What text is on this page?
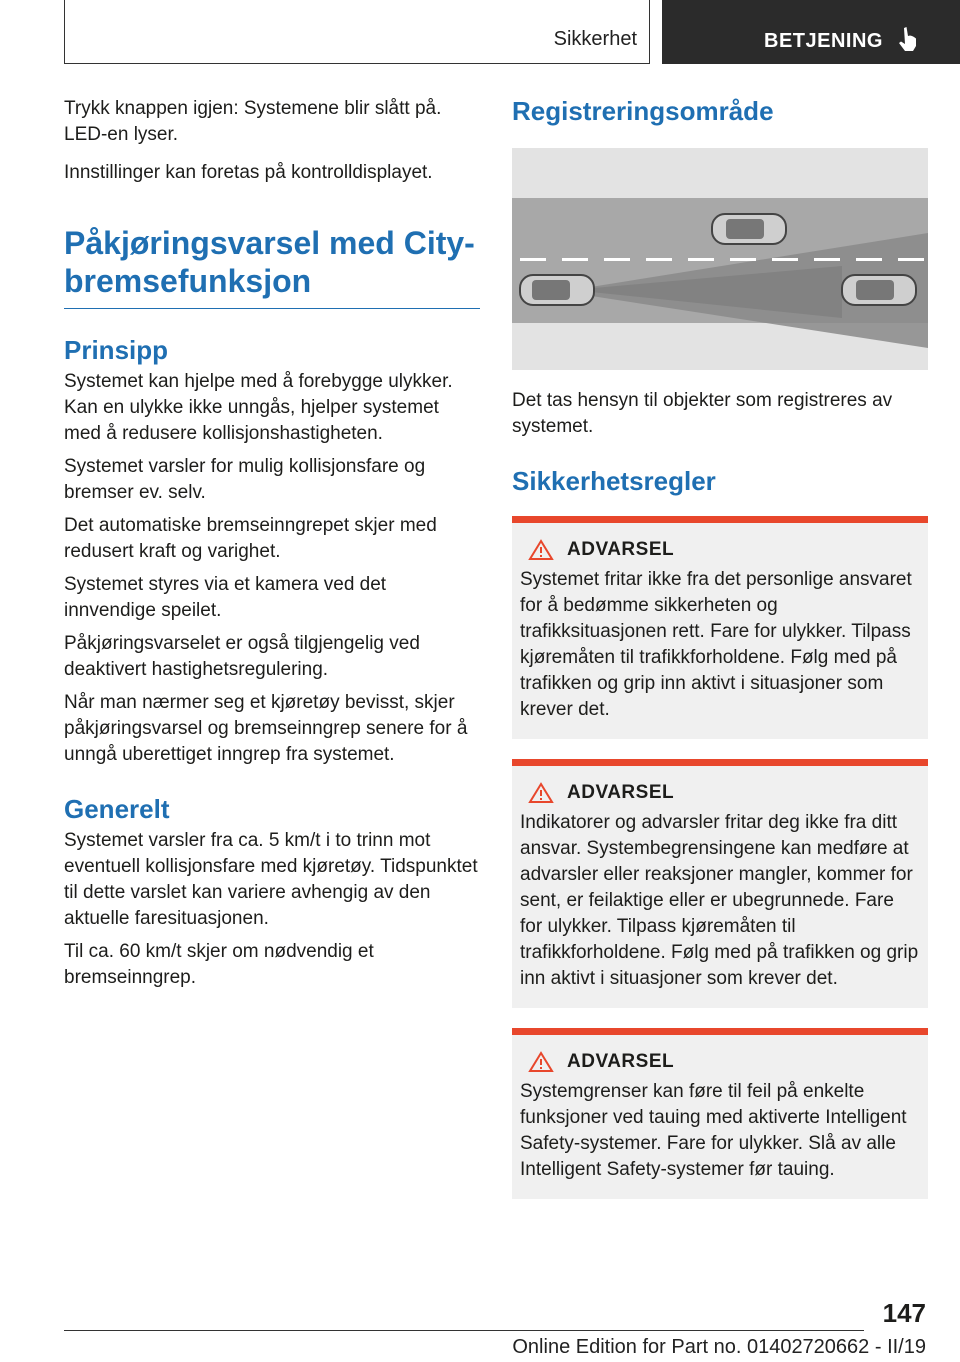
Sikkerhet	BETJENING

Trykk knappen igjen: Systemene blir slått på. LED-en lyser.

Innstillinger kan foretas på kontrolldisplayet.

Påkjøringsvarsel med City-bremsefunksjon
Prinsipp

Systemet kan hjelpe med å forebygge ulykker. Kan en ulykke ikke unngås, hjelper systemet med å redusere kollisjonshastigheten.

Systemet varsler for mulig kollisjonsfare og bremser ev. selv.

Det automatiske bremseinngrepet skjer med redusert kraft og varighet.

Systemet styres via et kamera ved det innvendige speilet.

Påkjøringsvarselet er også tilgjengelig ved deaktivert hastighetsregulering.

Når man nærmer seg et kjøretøy bevisst, skjer påkjøringsvarsel og bremseinngrep senere for å unngå uberettiget inngrep fra systemet.

Generelt

Systemet varsler fra ca. 5 km/t i to trinn mot eventuell kollisjonsfare med kjøretøy. Tidspunktet til dette varslet kan variere avhengig av den aktuelle faresituasjonen.

Til ca. 60 km/t skjer om nødvendig et bremseinngrep.

Registreringsområde

Det tas hensyn til objekter som registreres av systemet.

Sikkerhetsregler
ADVARSEL

Systemet fritar ikke fra det personlige ansvaret for å bedømme sikkerheten og trafikksituasjonen rett. Fare for ulykker. Tilpass kjøremåten til trafikkforholdene. Følg med på trafikken og grip inn aktivt i situasjoner som krever det.

ADVARSEL

Indikatorer og advarsler fritar deg ikke fra ditt ansvar. Systembegrensingene kan medføre at advarsler eller reaksjoner mangler, kommer for sent, er feilaktige eller er ubegrunnede. Fare for ulykker. Tilpass kjøremåten til trafikkforholdene. Følg med på trafikken og grip inn aktivt i situasjoner som krever det.

ADVARSEL

Systemgrenser kan føre til feil på enkelte funksjoner ved tauing med aktiverte Intelligent Safety-systemer. Fare for ulykker. Slå av alle Intelligent Safety-systemer før tauing.

147
Online Edition for Part no. 01402720662 - II/19
